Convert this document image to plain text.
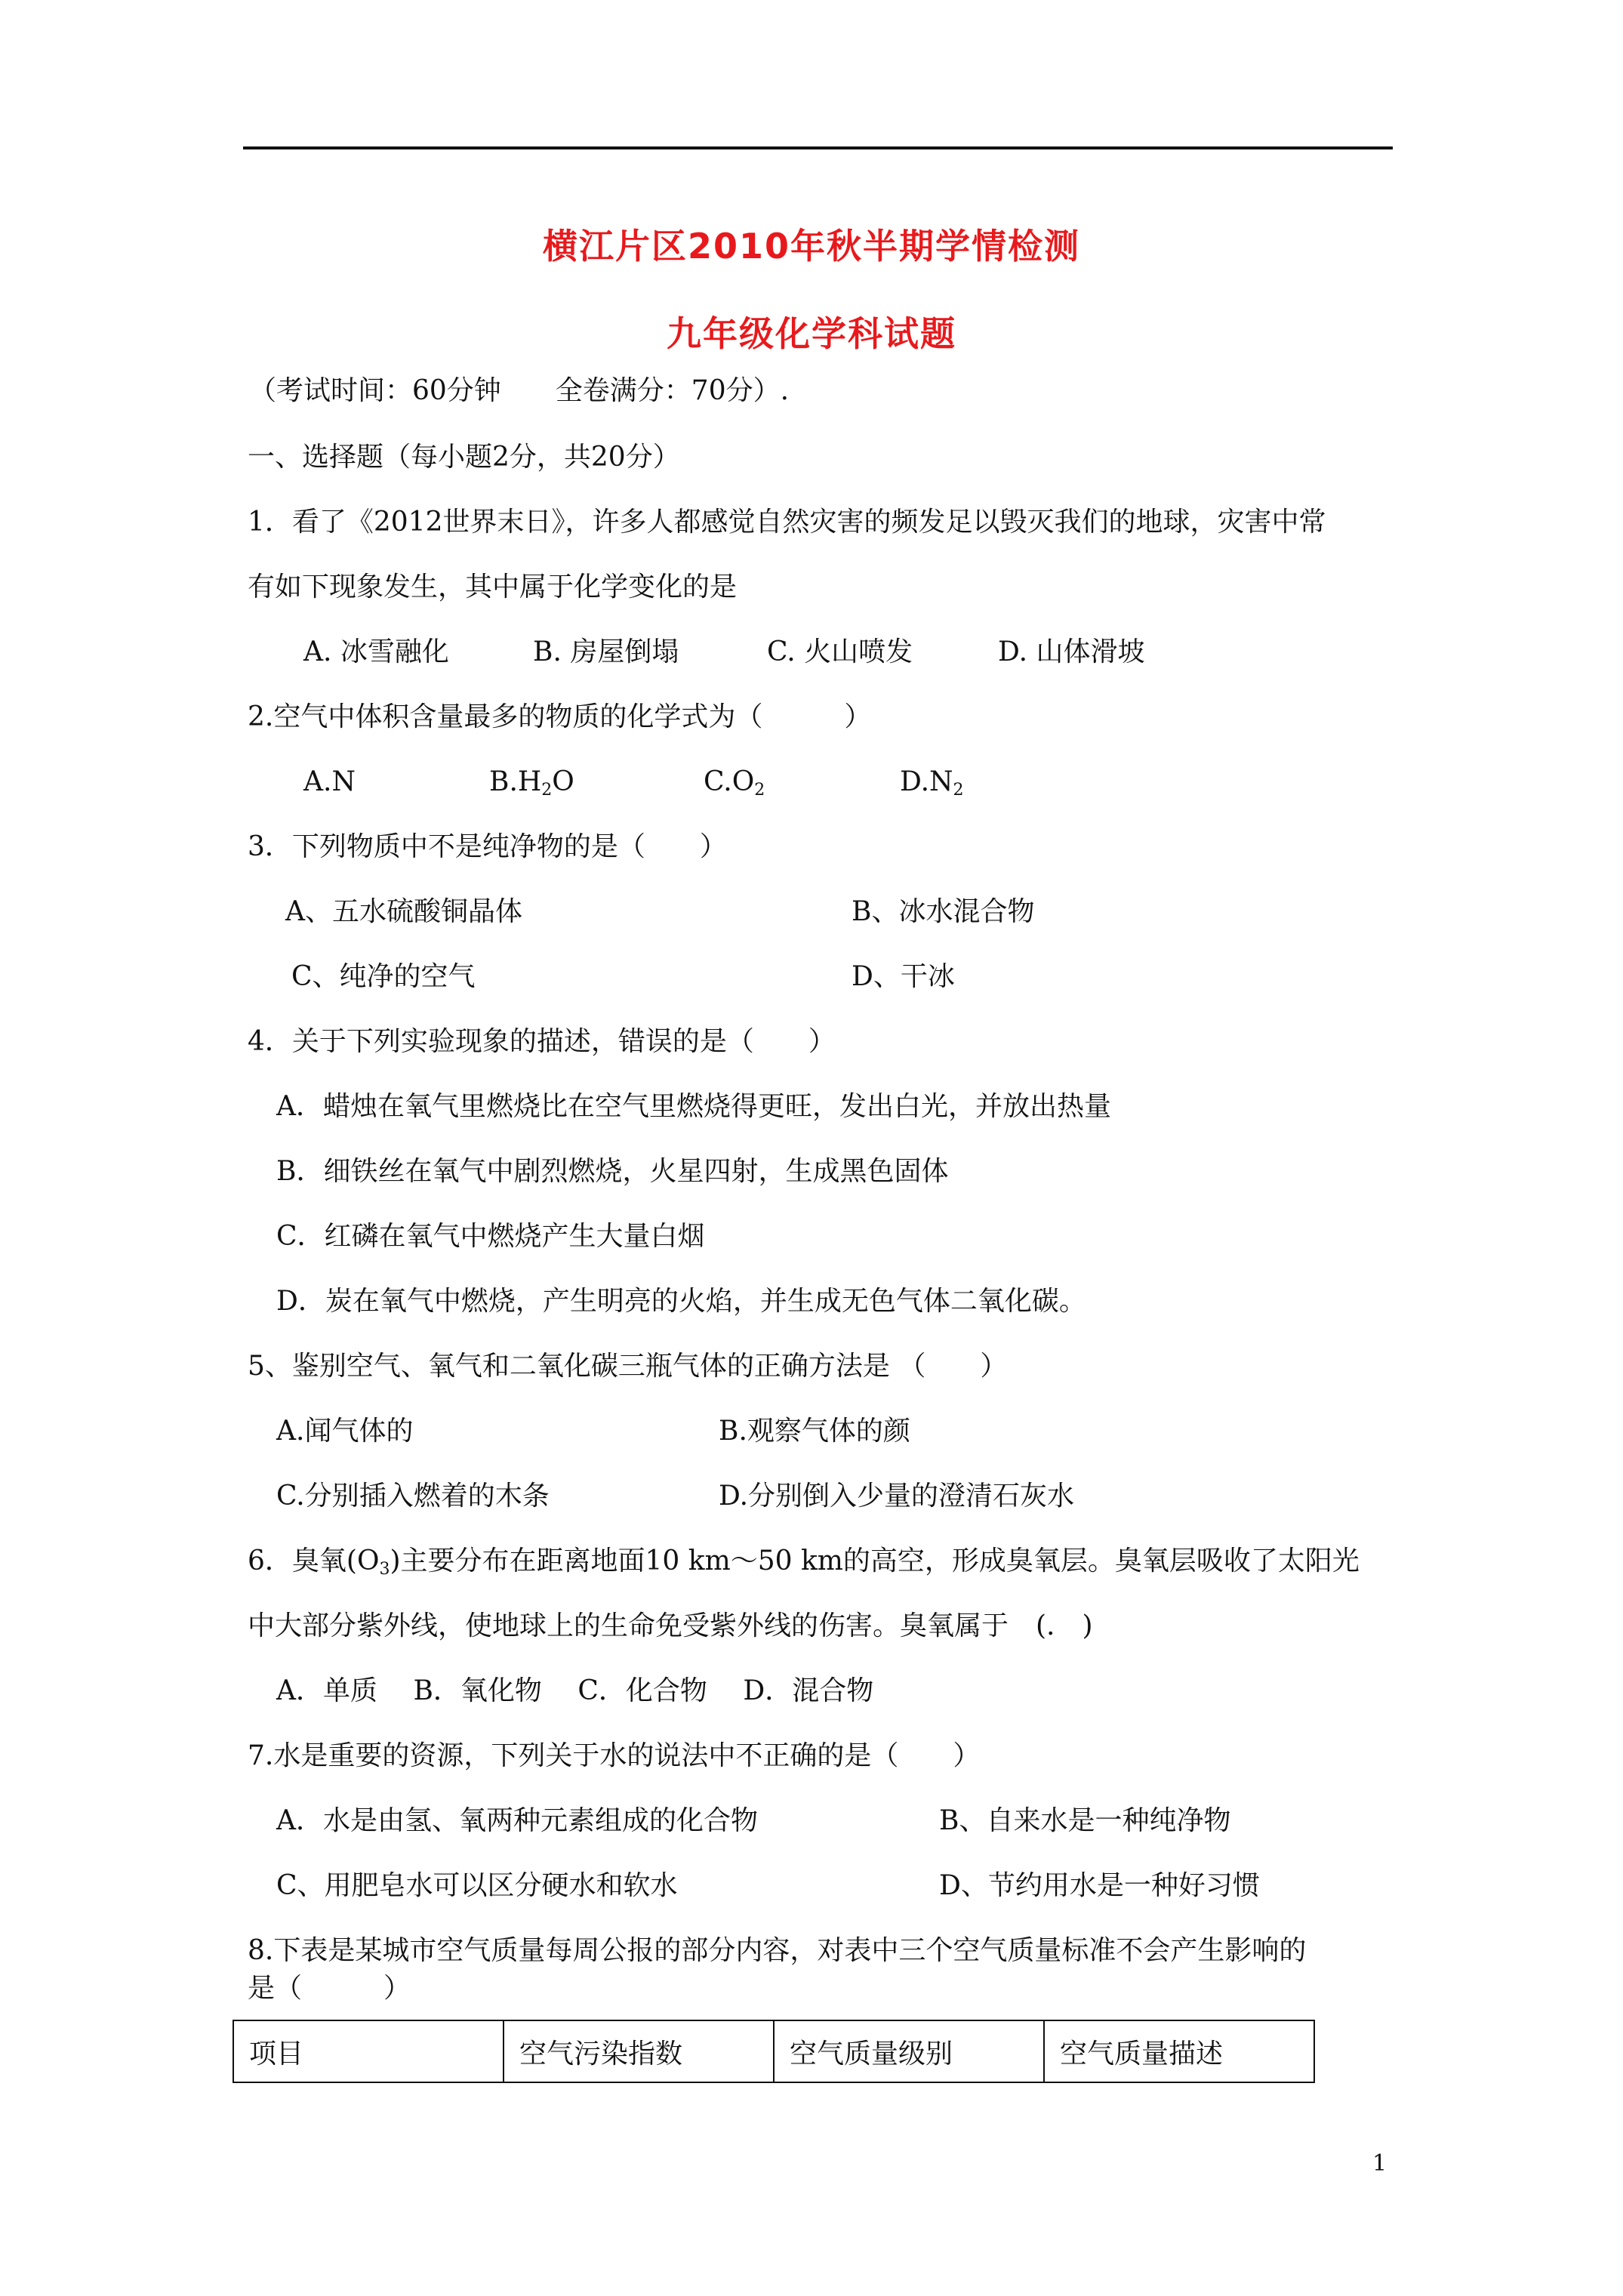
横江片区2010年秋半期学情检测
九年级化学科试题
（考试时间：60分钟　　全卷满分：70分）.
一、选择题（每小题2分，共20分）
1．看了《2012世界末日》，许多人都感觉自然灾害的频发足以毁灭我们的地球，灾害中常
有如下现象发生，其中属于化学变化的是
A. 冰雪融化	B. 房屋倒塌	C. 火山喷发	D. 山体滑坡
2.空气中体积含量最多的物质的化学式为（　　　）
A.N	$B.H_2O$	$C.O_2$	$D.N_2$
3．下列物质中不是纯净物的是（　　）
A、五水硫酸铜晶体	B、冰水混合物
C、纯净的空气	D、干冰
4．关于下列实验现象的描述，错误的是（　　）
A．蜡烛在氧气里燃烧比在空气里燃烧得更旺，发出白光，并放出热量
B．细铁丝在氧气中剧烈燃烧，火星四射，生成黑色固体
C．红磷在氧气中燃烧产生大量白烟
D．炭在氧气中燃烧，产生明亮的火焰，并生成无色气体二氧化碳。
5、鉴别空气、氧气和二氧化碳三瓶气体的正确方法是 （　　）
A.闻气体的	B.观察气体的颜
C.分别插入燃着的木条	D.分别倒入少量的澄清石灰水
6．臭氧$(O_3)$主要分布在距离地面10 km～50 km的高空，形成臭氧层。臭氧层吸收了太阳光
中大部分紫外线，使地球上的生命免受紫外线的伤害。臭氧属于　(.　)
A．单质　 B．氧化物　 C．化合物　 D．混合物
7.水是重要的资源，下列关于水的说法中不正确的是（　　）
A．水是由氢、氧两种元素组成的化合物	B、自来水是一种纯净物
C、用肥皂水可以区分硬水和软水	D、节约用水是一种好习惯
8.下表是某城市空气质量每周公报的部分内容，对表中三个空气质量标准不会产生影响的
是（　　　）
项目	空气污染指数	空气质量级别	空气质量描述
1
